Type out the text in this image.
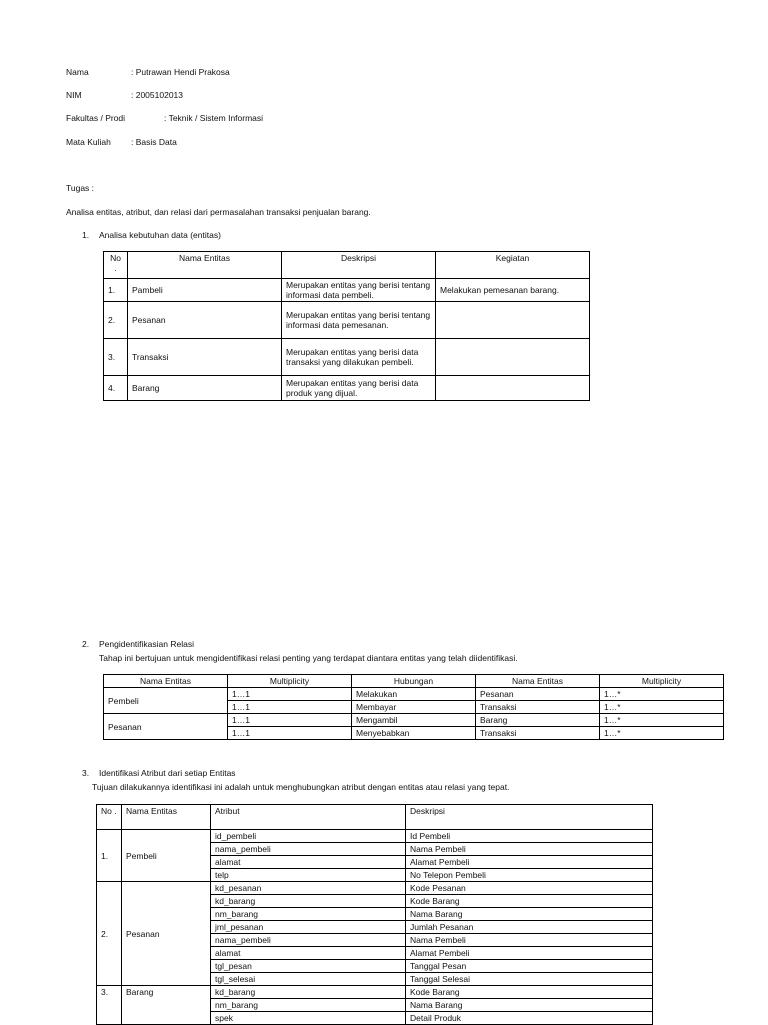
Nama	: Putrawan Hendi Prakosa
NIM	: 2005102013
Fakultas / Prodi	: Teknik / Sistem Informasi
Mata Kuliah : Basis Data
Tugas :
Analisa entitas, atribut, dan relasi dari permasalahan transaksi penjualan barang.
1. Analisa kebutuhan data (entitas)
No .	Nama Entitas	Deskripsi	Kegiatan
1.	Pambeli	Merupakan entitas yang berisi tentang informasi data pembeli.	Melakukan pemesanan barang.
2.	Pesanan	Merupakan entitas yang berisi tentang informasi data pemesanan.	
3.	Transaksi	Merupakan entitas yang berisi data transaksi yang dilakukan pembeli.	
4.	Barang	Merupakan entitas yang berisi data produk yang dijual.	
2. Pengidentifikasian Relasi
Tahap ini bertujuan untuk mengidentifikasi relasi penting yang terdapat diantara entitas yang telah diidentifikasi.
Nama Entitas	Multiplicity	Hubungan	Nama Entitas	Multiplicity
Pembeli	1…1	Melakukan	Pesanan	1…*
	1…1	Membayar	Transaksi	1…*
Pesanan	1…1	Mengambil	Barang	1…*
	1…1	Menyebabkan	Transaksi	1…*
3. Identifikasi Atribut dari setiap Entitas
Tujuan dilakukannya identifikasi ini adalah untuk menghubungkan atribut dengan entitas atau relasi yang tepat.
No .	Nama Entitas	Atribut	Deskripsi
1.	Pembeli	id_pembeli	Id Pembeli
		nama_pembeli	Nama Pembeli
		alamat	Alamat Pembeli
		telp	No Telepon Pembeli
2.	Pesanan	kd_pesanan	Kode Pesanan
		kd_barang	Kode Barang
		nm_barang	Nama Barang
		jml_pesanan	Jumlah Pesanan
		nama_pembeli	Nama Pembeli
		alamat	Alamat Pembeli
		tgl_pesan	Tanggal Pesan
		tgl_selesai	Tanggal Selesai
3.	Barang	kd_barang	Kode Barang
		nm_barang	Nama Barang
		spek	Detail Produk
